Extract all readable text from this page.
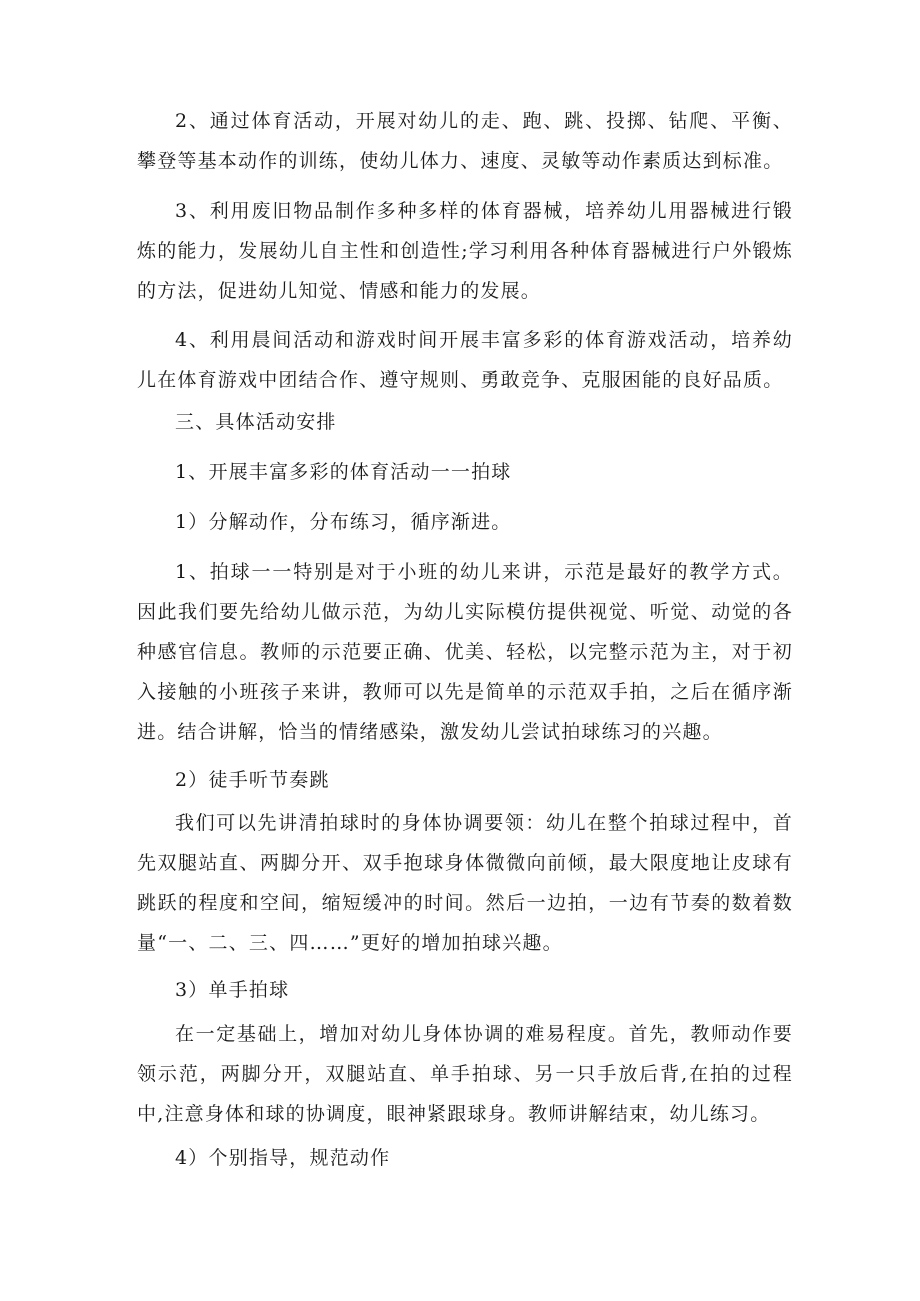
2、通过体育活动，开展对幼儿的走、跑、跳、投掷、钻爬、平衡、攀登等基本动作的训练，使幼儿体力、速度、灵敏等动作素质达到标准。

3、利用废旧物品制作多种多样的体育器械，培养幼儿用器械进行锻炼的能力，发展幼儿自主性和创造性;学习利用各种体育器械进行户外锻炼的方法，促进幼儿知觉、情感和能力的发展。

4、利用晨间活动和游戏时间开展丰富多彩的体育游戏活动，培养幼儿在体育游戏中团结合作、遵守规则、勇敢竞争、克服困能的良好品质。

三、具体活动安排

1、开展丰富多彩的体育活动一一拍球

1）分解动作，分布练习，循序渐进。

1、拍球一一特别是对于小班的幼儿来讲，示范是最好的教学方式。因此我们要先给幼儿做示范，为幼儿实际模仿提供视觉、听觉、动觉的各种感官信息。教师的示范要正确、优美、轻松，以完整示范为主，对于初入接触的小班孩子来讲，教师可以先是简单的示范双手拍，之后在循序渐进。结合讲解，恰当的情绪感染，激发幼儿尝试拍球练习的兴趣。

2）徒手听节奏跳

我们可以先讲清拍球时的身体协调要领：幼儿在整个拍球过程中，首先双腿站直、两脚分开、双手抱球身体微微向前倾，最大限度地让皮球有跳跃的程度和空间，缩短缓冲的时间。然后一边拍，一边有节奏的数着数量“一、二、三、四……”更好的增加拍球兴趣。

3）单手拍球

在一定基础上，增加对幼儿身体协调的难易程度。首先，教师动作要领示范，两脚分开，双腿站直、单手拍球、另一只手放后背,在拍的过程中,注意身体和球的协调度，眼神紧跟球身。教师讲解结束，幼儿练习。

4）个别指导，规范动作
